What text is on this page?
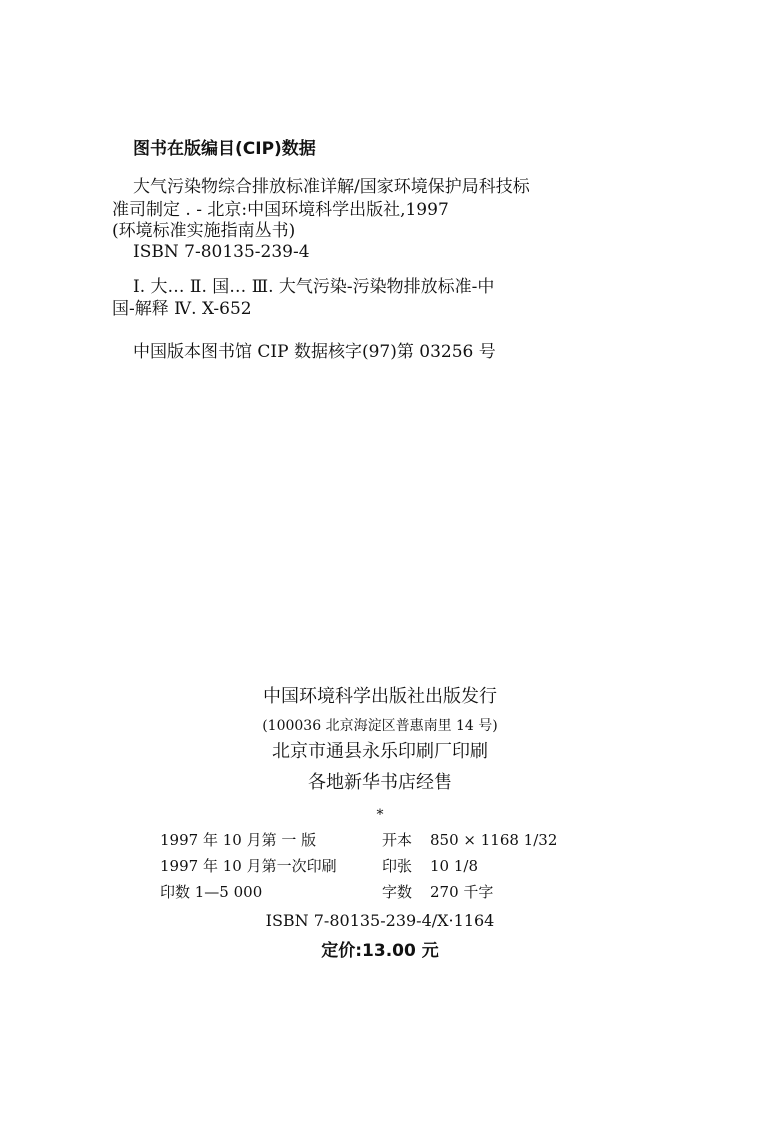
图书在版编目(CIP)数据
大气污染物综合排放标准详解/国家环境保护局科技标
准司制定 . - 北京:中国环境科学出版社,1997
(环境标准实施指南丛书)
ISBN 7-80135-239-4
Ⅰ. 大… Ⅱ. 国… Ⅲ. 大气污染-污染物排放标准-中
国-解释 Ⅳ. X-652
中国版本图书馆 CIP 数据核字(97)第 03256 号
中国环境科学出版社出版发行
(100036 北京海淀区普惠南里 14 号)
北京市通县永乐印刷厂印刷
各地新华书店经售
*
1997 年 10 月第 一 版	开本 850 × 1168 1/32
1997 年 10 月第一次印刷	印张 10 1/8
印数 1—5 000	字数 270 千字
ISBN 7-80135-239-4/X·1164
定价:13.00 元
